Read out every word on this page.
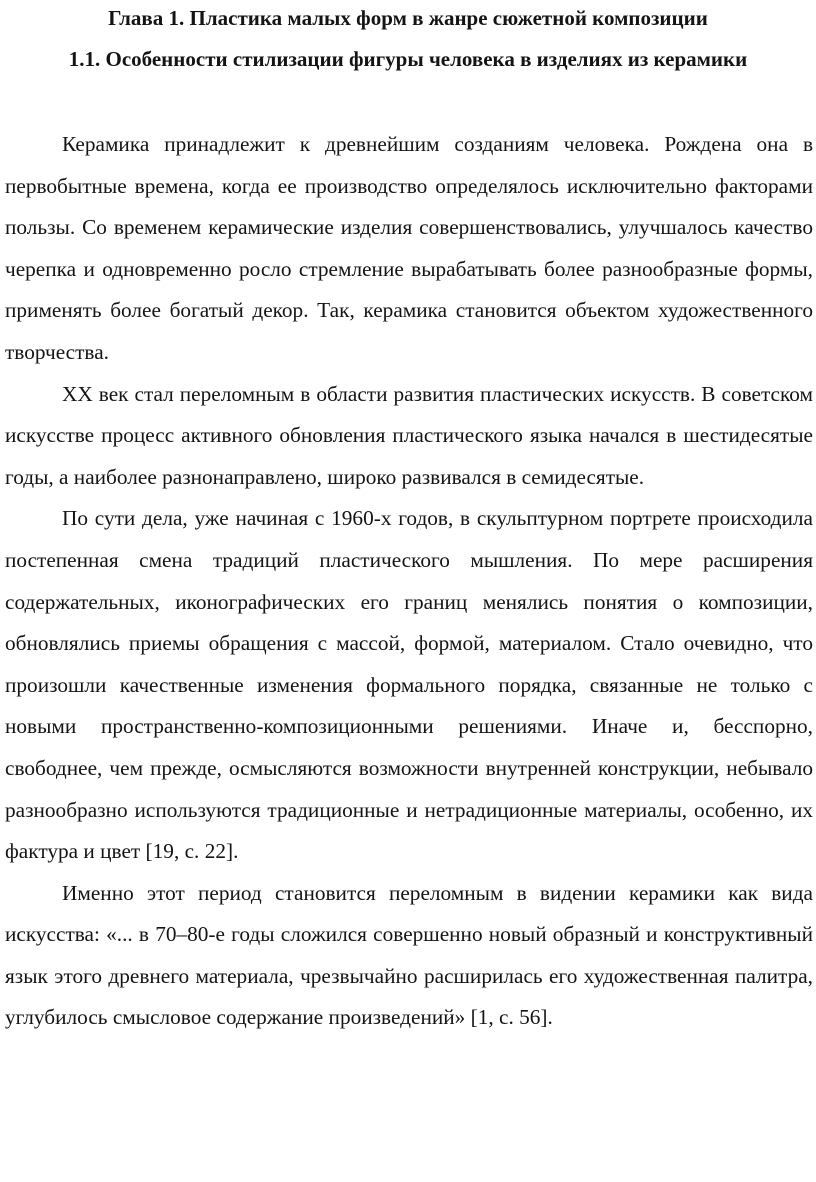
Глава 1. Пластика малых форм в жанре сюжетной композиции
1.1. Особенности стилизации фигуры человека в изделиях из керамики

Керамика принадлежит к древнейшим созданиям человека. Рождена она в первобытные времена, когда ее производство определялось исключительно факторами пользы. Со временем керамические изделия совершенствовались, улучшалось качество черепка и одновременно росло стремление вырабатывать более разнообразные формы, применять более богатый декор. Так, керамика становится объектом художественного творчества.

XX век стал переломным в области развития пластических искусств. В советском искусстве процесс активного обновления пластического языка начался в шестидесятые годы, а наиболее разнонаправлено, широко развивался в семидесятые.

По сути дела, уже начиная с 1960-х годов, в скульптурном портрете происходила постепенная смена традиций пластического мышления. По мере расширения содержательных, иконографических его границ менялись понятия о композиции, обновлялись приемы обращения с массой, формой, материалом. Стало очевидно, что произошли качественные изменения формального порядка, связанные не только с новыми пространственно-композиционными решениями. Иначе и, бесспорно, свободнее, чем прежде, осмысляются возможности внутренней конструкции, небывало разнообразно используются традиционные и нетрадиционные материалы, особенно, их фактура и цвет [19, с. 22].

Именно этот период становится переломным в видении керамики как вида искусства: «... в 70–80-е годы сложился совершенно новый образный и конструктивный язык этого древнего материала, чрезвычайно расширилась его художественная палитра, углубилось смысловое содержание произведений» [1, с. 56].
